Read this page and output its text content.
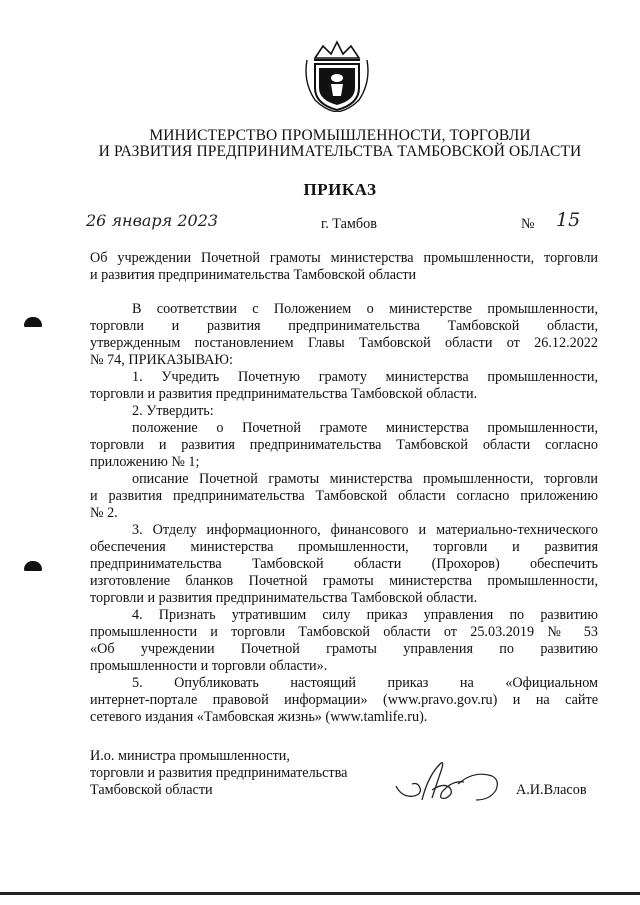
МИНИСТЕРСТВО ПРОМЫШЛЕННОСТИ, ТОРГОВЛИ
И РАЗВИТИЯ ПРЕДПРИНИМАТЕЛЬСТВА ТАМБОВСКОЙ ОБЛАСТИ
ПРИКАЗ
26 января 2023	г. Тамбов	№ 15
Об учреждении Почетной грамоты министерства промышленности, торговли
и развития предпринимательства Тамбовской области
В соответствии с Положением о министерстве промышленности,
торговли и развития предпринимательства Тамбовской области,
утвержденным постановлением Главы Тамбовской области от 26.12.2022
№ 74, ПРИКАЗЫВАЮ:
1. Учредить Почетную грамоту министерства промышленности,
торговли и развития предпринимательства Тамбовской области.
2. Утвердить:
положение о Почетной грамоте министерства промышленности,
торговли и развития предпринимательства Тамбовской области согласно
приложению № 1;
описание Почетной грамоты министерства промышленности, торговли
и развития предпринимательства Тамбовской области согласно приложению
№ 2.
3. Отделу информационного, финансового и материально-технического
обеспечения министерства промышленности, торговли и развития
предпринимательства Тамбовской области (Прохоров) обеспечить
изготовление бланков Почетной грамоты министерства промышленности,
торговли и развития предпринимательства Тамбовской области.
4. Признать утратившим силу приказ управления по развитию
промышленности и торговли Тамбовской области от 25.03.2019 № 53
«Об учреждении Почетной грамоты управления по развитию
промышленности и торговли области».
5. Опубликовать настоящий приказ на «Официальном
интернет-портале правовой информации» (www.pravo.gov.ru) и на сайте
сетевого издания «Тамбовская жизнь» (www.tamlife.ru).
И.о. министра промышленности,
торговли и развития предпринимательства
Тамбовской области	А.И.Власов
